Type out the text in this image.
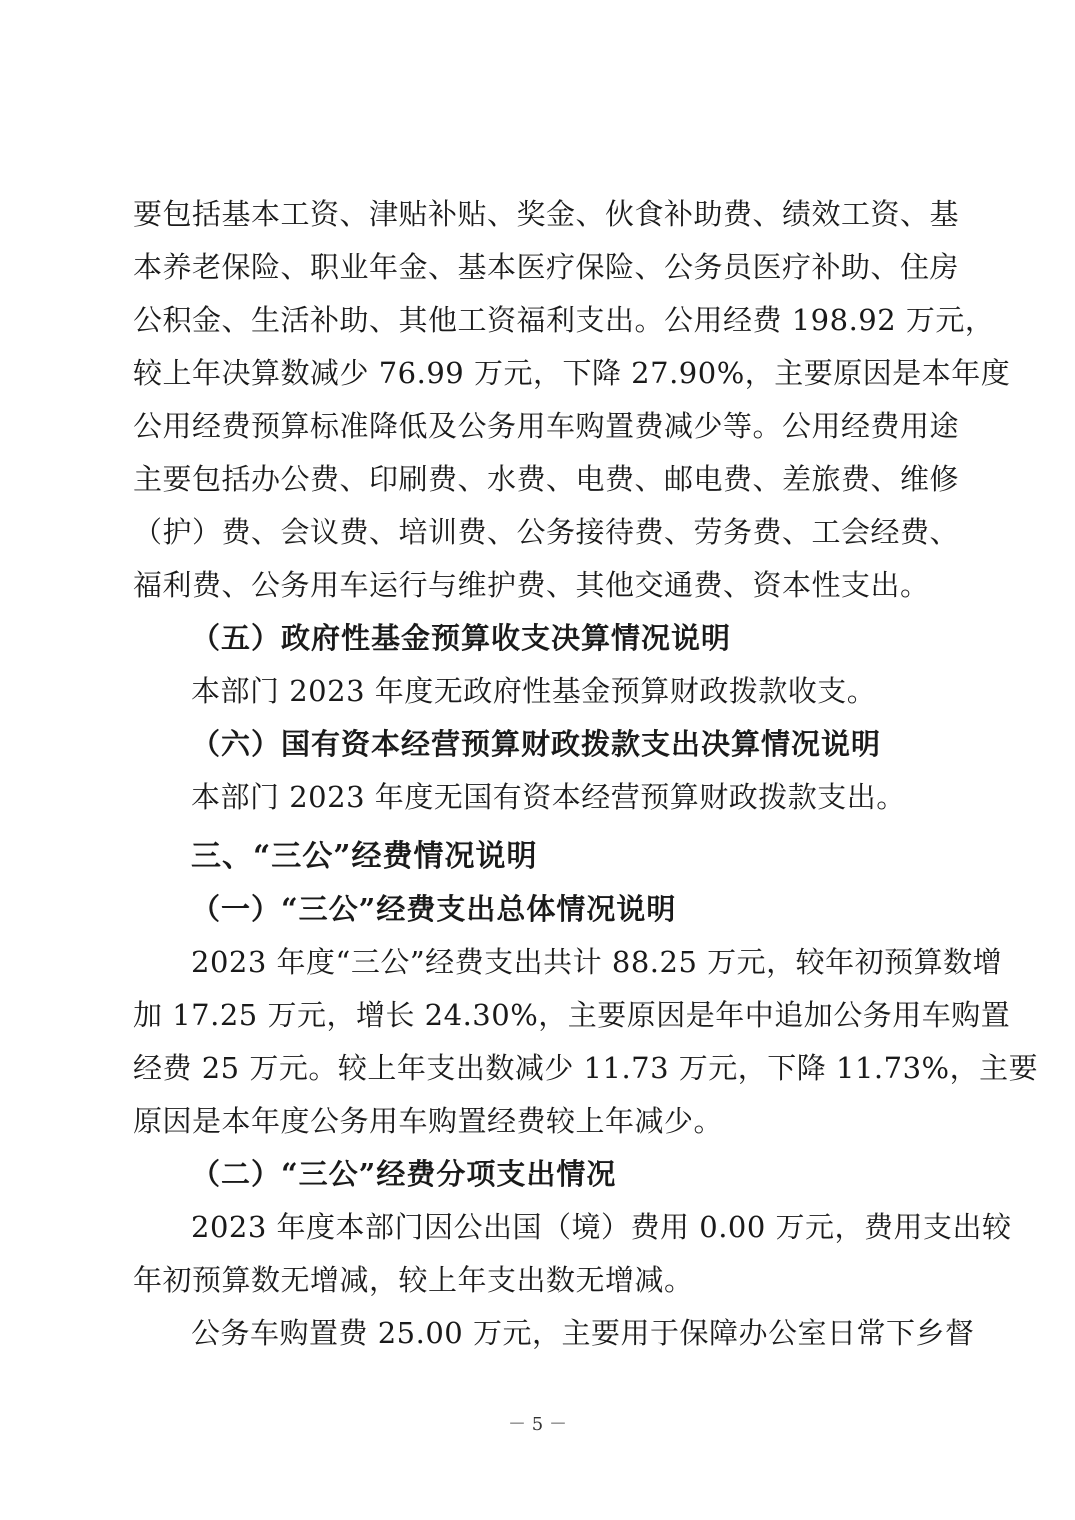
要包括基本工资、津贴补贴、奖金、伙食补助费、绩效工资、基
本养老保险、职业年金、基本医疗保险、公务员医疗补助、住房
公积金、生活补助、其他工资福利支出。公用经费 198.92 万元，
较上年决算数减少 76.99 万元，下降 27.90%，主要原因是本年度
公用经费预算标准降低及公务用车购置费减少等。公用经费用途
主要包括办公费、印刷费、水费、电费、邮电费、差旅费、维修
（护）费、会议费、培训费、公务接待费、劳务费、工会经费、
福利费、公务用车运行与维护费、其他交通费、资本性支出。
（五）政府性基金预算收支决算情况说明
本部门 2023 年度无政府性基金预算财政拨款收支。
（六）国有资本经营预算财政拨款支出决算情况说明
本部门 2023 年度无国有资本经营预算财政拨款支出。
三、“三公”经费情况说明
（一）“三公”经费支出总体情况说明
2023 年度“三公”经费支出共计 88.25 万元，较年初预算数增
加 17.25 万元，增长 24.30%，主要原因是年中追加公务用车购置
经费 25 万元。较上年支出数减少 11.73 万元，下降 11.73%，主要
原因是本年度公务用车购置经费较上年减少。
（二）“三公”经费分项支出情况
2023 年度本部门因公出国（境）费用 0.00 万元，费用支出较
年初预算数无增减，较上年支出数无增减。
公务车购置费 25.00 万元，主要用于保障办公室日常下乡督
－ 5 －
